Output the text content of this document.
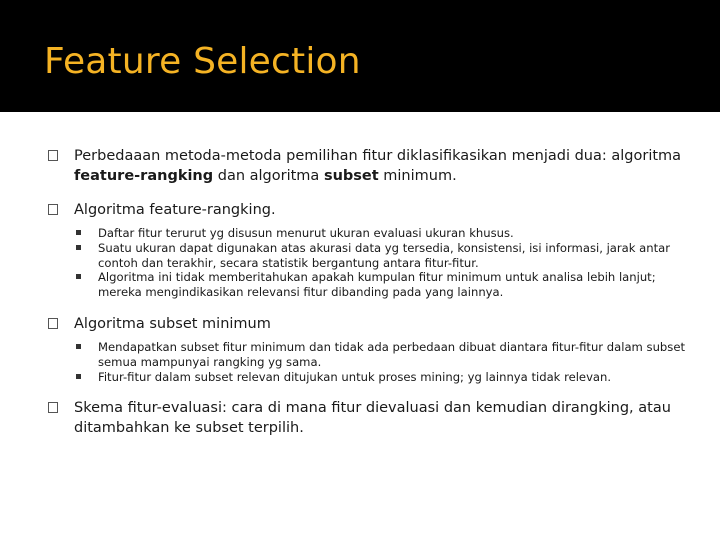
Feature Selection
Perbedaaan metoda-metoda pemilihan fitur diklasifikasikan menjadi dua: algoritma feature-rangking dan algoritma subset minimum.
Algoritma feature-rangking.
Daftar fitur terurut yg disusun menurut ukuran evaluasi ukuran khusus.
Suatu ukuran dapat digunakan atas akurasi data yg tersedia, konsistensi, isi informasi, jarak antar contoh dan terakhir, secara statistik bergantung antara fitur-fitur.
Algoritma ini tidak memberitahukan apakah kumpulan fitur minimum untuk analisa lebih lanjut; mereka mengindikasikan relevansi fitur dibanding pada yang lainnya.
Algoritma subset minimum
Mendapatkan subset fitur minimum dan tidak ada perbedaan dibuat diantara fitur-fitur dalam subset semua mampunyai rangking yg sama.
Fitur-fitur dalam subset relevan ditujukan untuk proses mining; yg lainnya tidak relevan.
Skema fitur-evaluasi: cara di mana fitur dievaluasi dan kemudian dirangking, atau ditambahkan ke subset terpilih.
